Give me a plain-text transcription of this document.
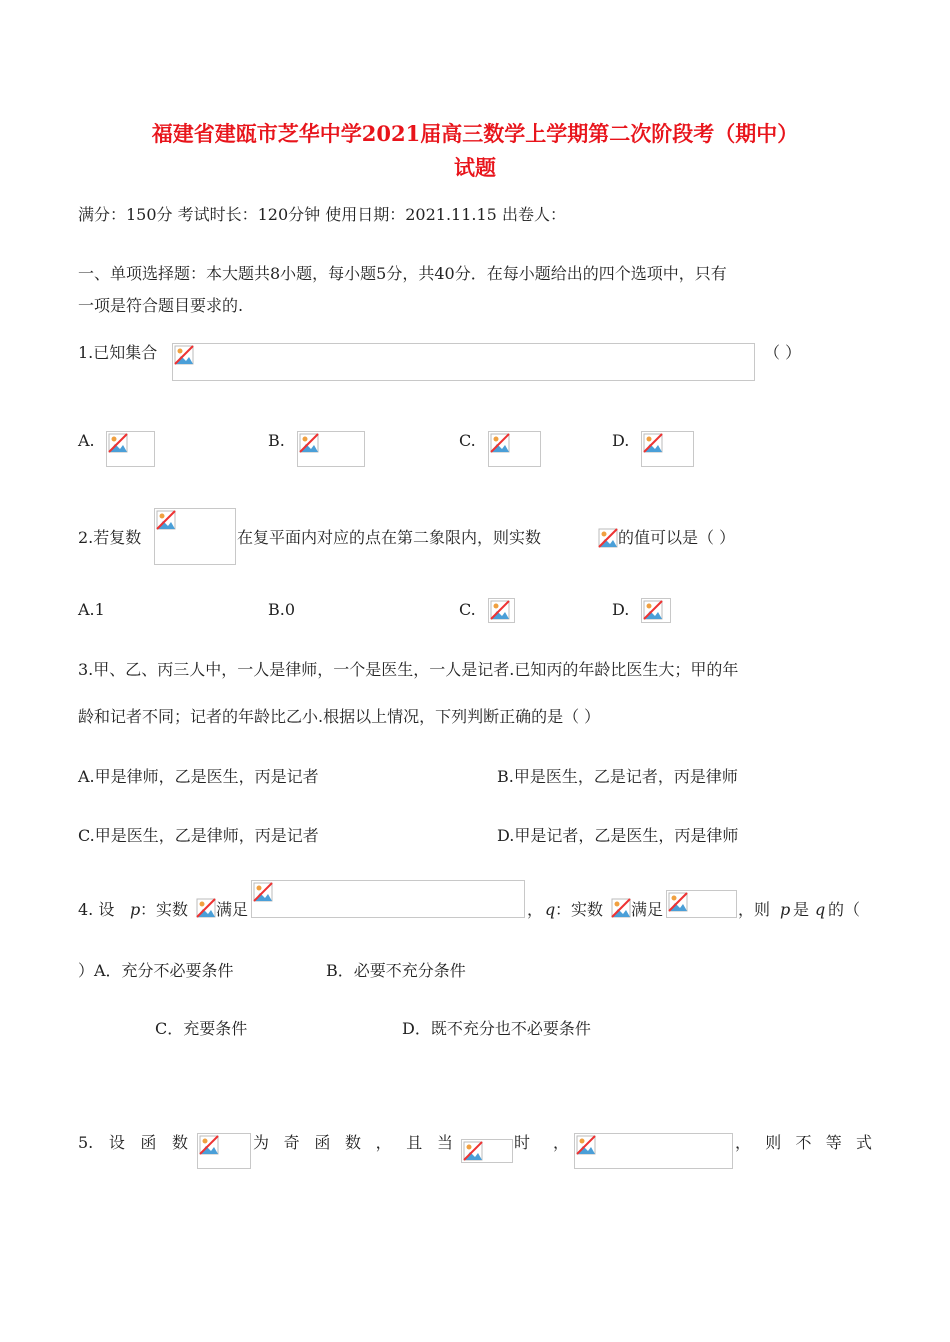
福建省建瓯市芝华中学2021届高三数学上学期第二次阶段考（期中）
试题
满分：150分 考试时长：120分钟 使用日期：2021.11.15 出卷人：
一、单项选择题：本大题共8小题，每小题5分，共40分．在每小题给出的四个选项中，只有
一项是符合题目要求的.
1.已知集合	（ ）
A.	B.	C.	D.
2.若复数	在复平面内对应的点在第二象限内，则实数	的值可以是（ ）
A.1	B.0	C.	D.
3.甲、乙、丙三人中，一人是律师，一个是医生，一人是记者.已知丙的年龄比医生大；甲的年
龄和记者不同；记者的年龄比乙小.根据以上情况，下列判断正确的是（ ）
A.甲是律师，乙是医生，丙是记者	B.甲是医生，乙是记者，丙是律师
C.甲是医生，乙是律师，丙是记者	D.甲是记者，乙是医生，丙是律师
4. 设 p ：实数 满足	， q ：实数 满足	，则 p 是 q 的（
）A．充分不必要条件	B．必要不充分条件
C．充要条件	D．既不充分也不必要条件
5. 设 函 数	为 奇 函 数 ， 且 当	时 ，	， 则 不 等 式
